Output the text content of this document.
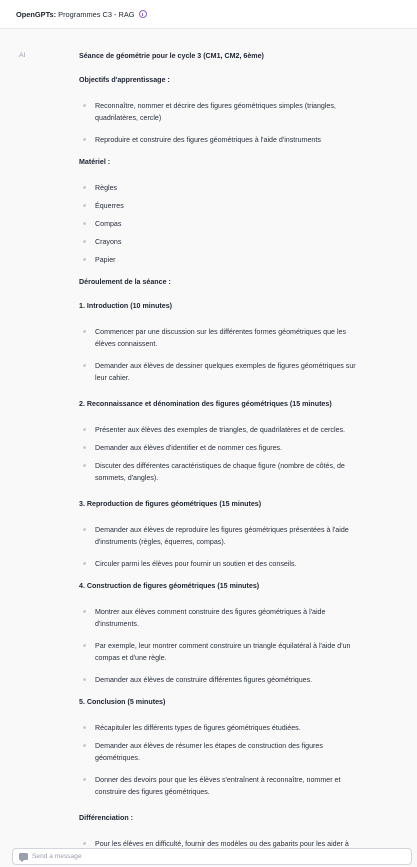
OpenGPTs: Programmes C3 - RAG
AI	Séance de géométrie pour le cycle 3 (CM1, CM2, 6ème)
Objectifs d'apprentissage :
Reconnaître, nommer et décrire des figures géométriques simples (triangles,
quadrilatères, cercle)
Reproduire et construire des figures géométriques à l'aide d'instruments
Matériel :
Règles
Équerres
Compas
Crayons
Papier
Déroulement de la séance :
1. Introduction (10 minutes)
Commencer par une discussion sur les différentes formes géométriques que les
élèves connaissent.
Demander aux élèves de dessiner quelques exemples de figures géométriques sur
leur cahier.
2. Reconnaissance et dénomination des figures géométriques (15 minutes)
Présenter aux élèves des exemples de triangles, de quadrilatères et de cercles.
Demander aux élèves d'identifier et de nommer ces figures.
Discuter des différentes caractéristiques de chaque figure (nombre de côtés, de
sommets, d'angles).
3. Reproduction de figures géométriques (15 minutes)
Demander aux élèves de reproduire les figures géométriques présentées à l'aide
d'instruments (règles, équerres, compas).
Circuler parmi les élèves pour fournir un soutien et des conseils.
4. Construction de figures géométriques (15 minutes)
Montrer aux élèves comment construire des figures géométriques à l'aide
d'instruments.
Par exemple, leur montrer comment construire un triangle équilatéral à l'aide d'un
compas et d'une règle.
Demander aux élèves de construire différentes figures géométriques.
5. Conclusion (5 minutes)
Récapituler les différents types de figures géométriques étudiées.
Demander aux élèves de résumer les étapes de construction des figures
géométriques.
Donner des devoirs pour que les élèves s'entraînent à reconnaître, nommer et
construire des figures géométriques.
Différenciation :
Pour les élèves en difficulté, fournir des modèles ou des gabarits pour les aider à
Send a message
